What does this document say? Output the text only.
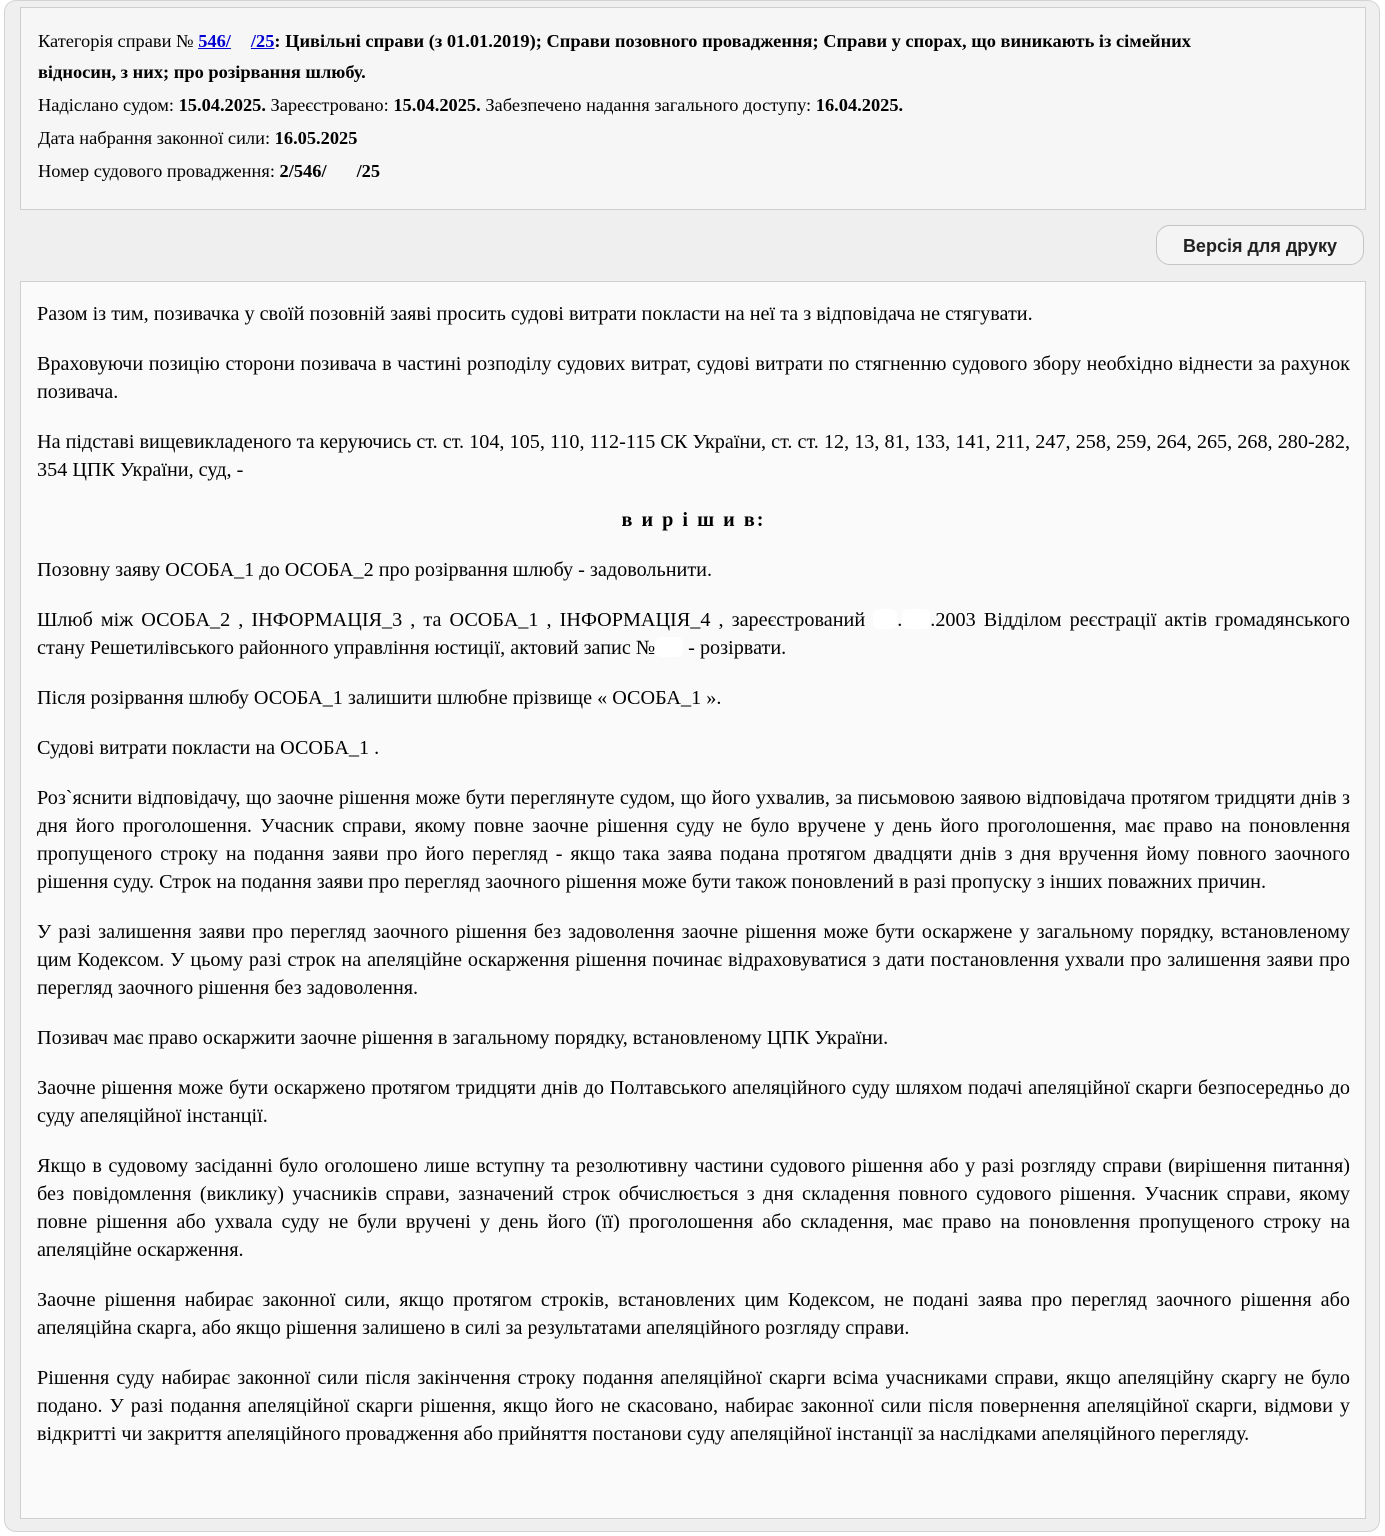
Категорія справи № 546/ /25: Цивільні справи (з 01.01.2019); Справи позовного провадження; Справи у спорах, що виникають із сімейних
відносин, з них; про розірвання шлюбу.
Надіслано судом: 15.04.2025. Зареєстровано: 15.04.2025. Забезпечено надання загального доступу: 16.04.2025.
Дата набрання законної сили: 16.05.2025
Номер судового провадження: 2/546/ /25
Версія для друку

Разом із тим, позивачка у своїй позовній заяві просить судові витрати покласти на неї та з відповідача не стягувати.

Враховуючи позицію сторони позивача в частині розподілу судових витрат, судові витрати по стягненню судового збору необхідно віднести за рахунок позивача.

На підставі вищевикладеного та керуючись ст. ст. 104, 105, 110, 112-115 СК України, ст. ст. 12, 13, 81, 133, 141, 211, 247, 258, 259, 264, 265, 268, 280-282, 354 ЦПК України, суд, -

в и р і ш и в:

Позовну заяву ОСОБА_1 до ОСОБА_2 про розірвання шлюбу - задовольнити.

Шлюб між ОСОБА_2 , ІНФОРМАЦІЯ_3 , та ОСОБА_1 , ІНФОРМАЦІЯ_4 , зареєстрований . .2003 Відділом реєстрації актів громадянського стану Решетилівського районного управління юстиції, актовий запис № - розірвати.

Після розірвання шлюбу ОСОБА_1 залишити шлюбне прізвище « ОСОБА_1 ».

Судові витрати покласти на ОСОБА_1 .

Роз`яснити відповідачу, що заочне рішення може бути переглянуте судом, що його ухвалив, за письмовою заявою відповідача протягом тридцяти днів з дня його проголошення. Учасник справи, якому повне заочне рішення суду не було вручене у день його проголошення, має право на поновлення пропущеного строку на подання заяви про його перегляд - якщо така заява подана протягом двадцяти днів з дня вручення йому повного заочного рішення суду. Строк на подання заяви про перегляд заочного рішення може бути також поновлений в разі пропуску з інших поважних причин.

У разі залишення заяви про перегляд заочного рішення без задоволення заочне рішення може бути оскаржене у загальному порядку, встановленому цим Кодексом. У цьому разі строк на апеляційне оскарження рішення починає відраховуватися з дати постановлення ухвали про залишення заяви про перегляд заочного рішення без задоволення.

Позивач має право оскаржити заочне рішення в загальному порядку, встановленому ЦПК України.

Заочне рішення може бути оскаржено протягом тридцяти днів до Полтавського апеляційного суду шляхом подачі апеляційної скарги безпосередньо до суду апеляційної інстанції.

Якщо в судовому засіданні було оголошено лише вступну та резолютивну частини судового рішення або у разі розгляду справи (вирішення питання) без повідомлення (виклику) учасників справи, зазначений строк обчислюється з дня складення повного судового рішення. Учасник справи, якому повне рішення або ухвала суду не були вручені у день його (її) проголошення або складення, має право на поновлення пропущеного строку на апеляційне оскарження.

Заочне рішення набирає законної сили, якщо протягом строків, встановлених цим Кодексом, не подані заява про перегляд заочного рішення або апеляційна скарга, або якщо рішення залишено в силі за результатами апеляційного розгляду справи.

Рішення суду набирає законної сили після закінчення строку подання апеляційної скарги всіма учасниками справи, якщо апеляційну скаргу не було подано. У разі подання апеляційної скарги рішення, якщо його не скасовано, набирає законної сили після повернення апеляційної скарги, відмови у відкритті чи закриття апеляційного провадження або прийняття постанови суду апеляційної інстанції за наслідками апеляційного перегляду.
